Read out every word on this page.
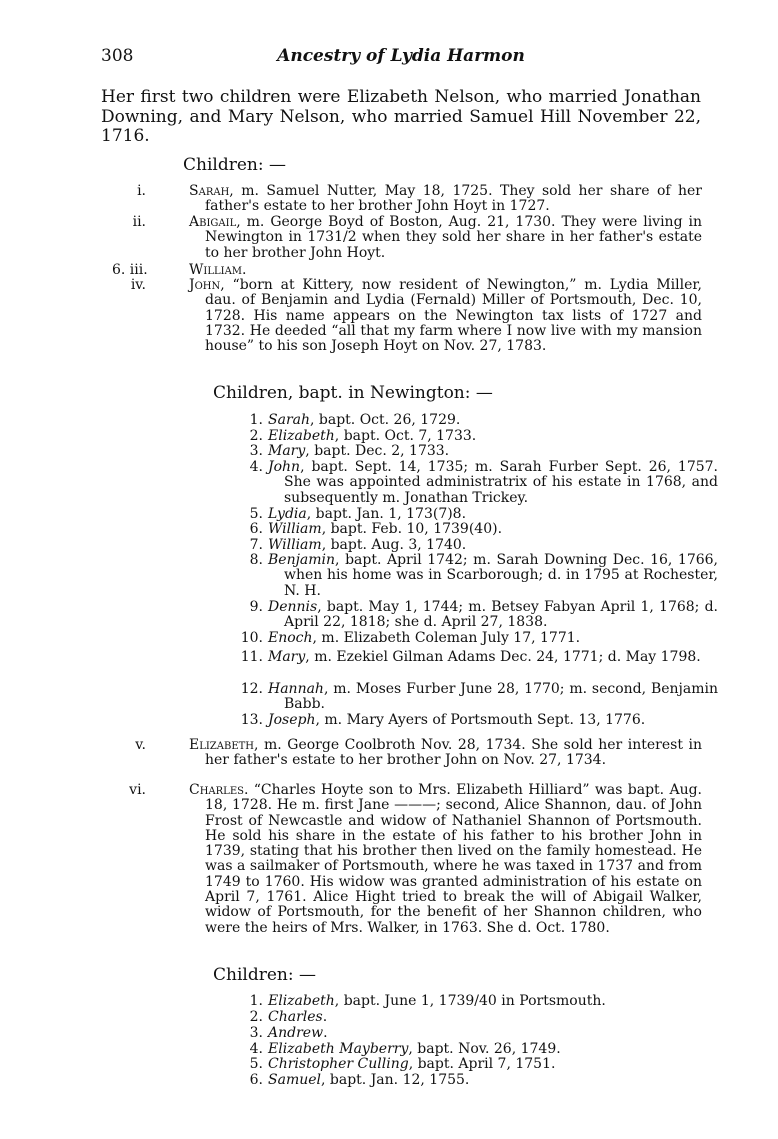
308	Ancestry of Lydia Harmon

Her first two children were Elizabeth Nelson, who married Jonathan Downing, and Mary Nelson, who married Samuel Hill November 22, 1716.

Children: —
i.	Sarah, m. Samuel Nutter, May 18, 1725. They sold her share of her father's estate to her brother John Hoyt in 1727.
ii.	Abigail, m. George Boyd of Boston, Aug. 21, 1730. They were living in Newington in 1731/2 when they sold her share in her father's estate to her brother John Hoyt.
6. iii.	William.
iv.	John, “born at Kittery, now resident of Newington,” m. Lydia Miller, dau. of Benjamin and Lydia (Fernald) Miller of Portsmouth, Dec. 10, 1728. His name appears on the Newington tax lists of 1727 and 1732. He deeded “all that my farm where I now live with my mansion house” to his son Joseph Hoyt on Nov. 27, 1783.
Children, bapt. in Newington: —
1. Sarah, bapt. Oct. 26, 1729.
2. Elizabeth, bapt. Oct. 7, 1733.
3. Mary, bapt. Dec. 2, 1733.
4. John, bapt. Sept. 14, 1735; m. Sarah Furber Sept. 26, 1757. She was appointed administratrix of his estate in 1768, and subsequently m. Jonathan Trickey.
5. Lydia, bapt. Jan. 1, 173(7)8.
6. William, bapt. Feb. 10, 1739(40).
7. William, bapt. Aug. 3, 1740.
8. Benjamin, bapt. April 1742; m. Sarah Downing Dec. 16, 1766, when his home was in Scarborough; d. in 1795 at Rochester, N. H.
9. Dennis, bapt. May 1, 1744; m. Betsey Fabyan April 1, 1768; d. April 22, 1818; she d. April 27, 1838.
10. Enoch, m. Elizabeth Coleman July 17, 1771.
11. Mary, m. Ezekiel Gilman Adams Dec. 24, 1771; d. May 1798.
12. Hannah, m. Moses Furber June 28, 1770; m. second, Benjamin Babb.
13. Joseph, m. Mary Ayers of Portsmouth Sept. 13, 1776.
v.	Elizabeth, m. George Coolbroth Nov. 28, 1734. She sold her interest in her father's estate to her brother John on Nov. 27, 1734.
vi.	Charles. “Charles Hoyte son to Mrs. Elizabeth Hilliard” was bapt. Aug. 18, 1728. He m. first Jane ———; second, Alice Shannon, dau. of John Frost of Newcastle and widow of Nathaniel Shannon of Portsmouth. He sold his share in the estate of his father to his brother John in 1739, stating that his brother then lived on the family homestead. He was a sailmaker of Portsmouth, where he was taxed in 1737 and from 1749 to 1760. His widow was granted administration of his estate on April 7, 1761. Alice Hight tried to break the will of Abigail Walker, widow of Portsmouth, for the benefit of her Shannon children, who were the heirs of Mrs. Walker, in 1763. She d. Oct. 1780.
Children: —
1. Elizabeth, bapt. June 1, 1739/40 in Portsmouth.
2. Charles.
3. Andrew.
4. Elizabeth Mayberry, bapt. Nov. 26, 1749.
5. Christopher Culling, bapt. April 7, 1751.
6. Samuel, bapt. Jan. 12, 1755.
